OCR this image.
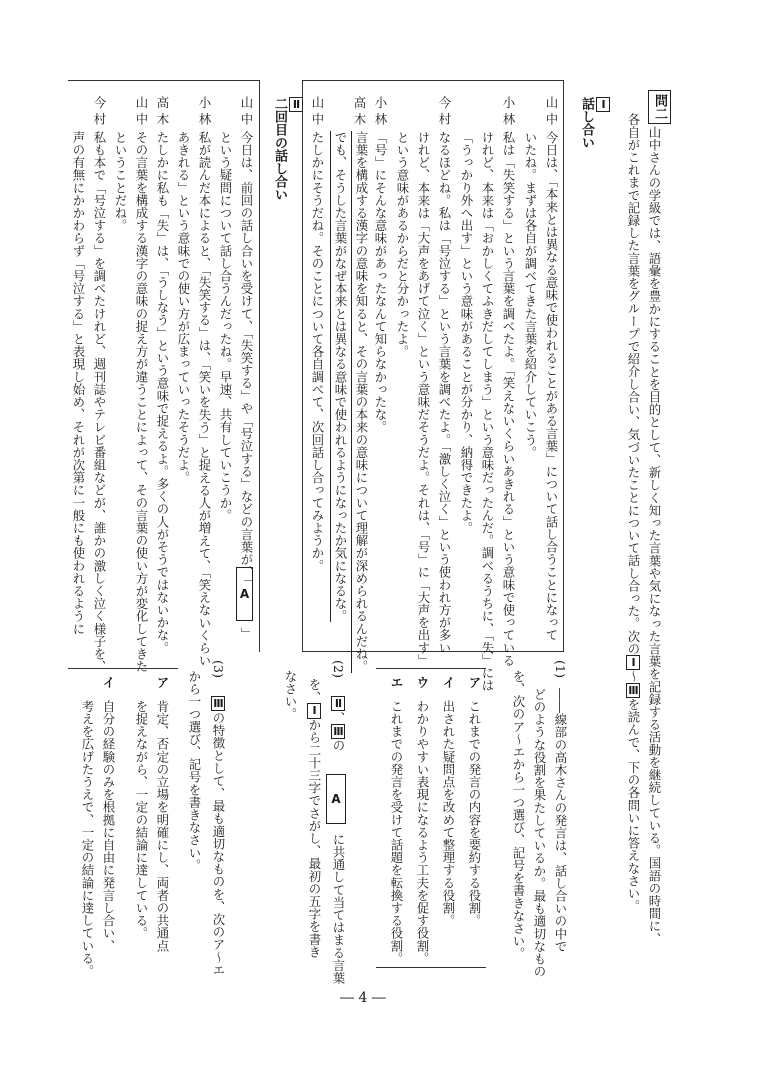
問二
山中さんの学級では、語彙を豊かにすることを目的として、新しく知った言葉や気になった言葉を記録する活動を継続している。国語の時間に、

各自がこれまで記録した言葉をグループで紹介し合い、気づいたことについて話し合った。次のⅠ〜Ⅲを読んで、下の各問いに答えなさい。

Ⅰ
話し合い

山中
今日は、「本来とは異なる意味で使われることがある言葉」について話し合うことになって
いたね。まずは各自が調べてきた言葉を紹介していこう。
小林
私は「失笑する」という言葉を調べたよ。「笑えないくらいあきれる」という意味で使っている
けれど、本来は「おかしくてふきだしてしまう」という意味だったんだ。調べるうちに、「失」には
「うっかり外へ出す」という意味があることが分かり、納得できたよ。
今村
なるほどね。私は「号泣する」という言葉を調べたよ。「激しく泣く」という使われ方が多い
けれど、本来は「大声をあげて泣く」という意味だそうだよ。それは、「号」に「大声を出す」
という意味があるからだと分かったよ。
小林
「号」にそんな意味があったなんて知らなかったな。
高木
言葉を構成する漢字の意味を知ると、その言葉の本来の意味について理解が深められるんだね。
でも、そうした言葉がなぜ本来とは異なる意味で使われるようになったか気になるな。
山中
たしかにそうだね。そのことについて各自調べて、次回話し合ってみようか。

Ⅱ
二回目の話し合い

山中
今日は、前回の話し合いを受けて、「失笑する」や「号泣する」などの言葉が、「
A
」
という疑問について話し合うんだったね。早速、共有していこうか。
小林
私が読んだ本によると、「失笑する」は、「笑いを失う」と捉える人が増えて、「笑えないくらい
あきれる」という意味での使い方が広まっていったそうだよ。
高木
たしかに私も「失」は、「うしなう」という意味で捉えるよ。多くの人がそうではないかな。
その言葉を構成する漢字の意味の捉え方が違うことによって、その言葉の使い方が変化してきた
ということだね。
山中
今村
私も本で「号泣する」を調べたけれど、週刊誌やテレビ番組などが、誰かの激しく泣く様子を、
声の有無にかかわらず「号泣する」と表現し始め、それが次第に一般にも使われるように
(1)
――線部の高木さんの発言は、話し合いの中で
どのような役割を果たしているか。最も適切なもの
を、次のア〜エから一つ選び、記号を書きなさい。
ア
これまでの発言の内容を要約する役割。
イ
出された疑問点を改めて整理する役割。
ウ
わかりやすい表現になるよう工夫を促す役割。
エ
これまでの発言を受けて話題を転換する役割。
(2)

Ⅱ、Ⅲの

A
に共通して当てはまる言葉

を、Ⅰから二十三字でさがし、最初の五字を書き

なさい。
(3)

Ⅲの特徴として、最も適切なものを、次のア〜エ

から一つ選び、記号を書きなさい。
ア
肯定、否定の立場を明確にし、両者の共通点
を捉えながら、一定の結論に達している。
イ
自分の経験のみを根拠に自由に発言し合い、
考えを広げたうえで、一定の結論に達している。
― 4 ―
